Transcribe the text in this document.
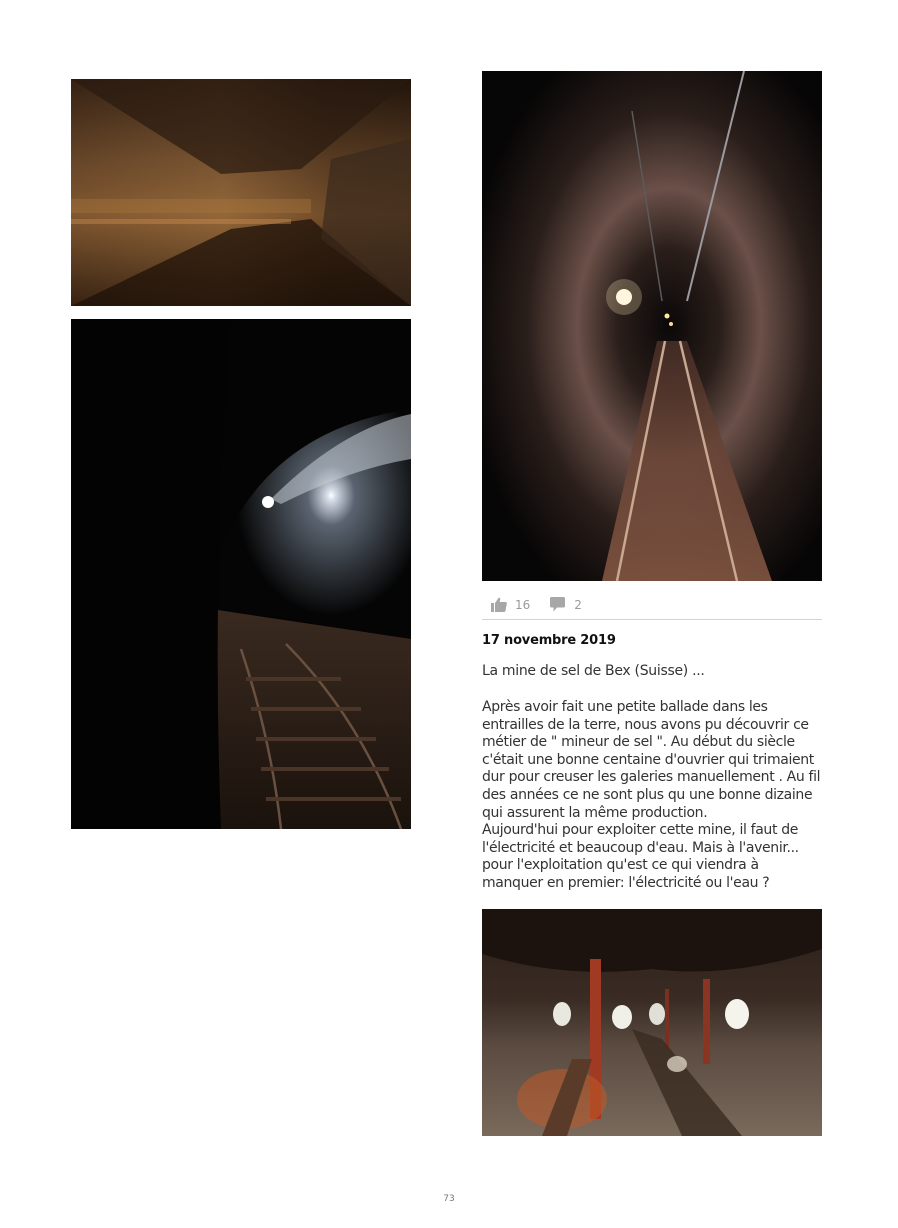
16	2
17 novembre 2019
La mine de sel de Bex (Suisse) ...
Après avoir fait une petite ballade dans les
entrailles de la terre, nous avons pu découvrir ce
métier de " mineur de sel ". Au début du siècle
c'était une bonne centaine d'ouvrier qui trimaient
dur pour creuser les galeries manuellement . Au fil
des années ce ne sont plus qu une bonne dizaine
qui assurent la même production.
Aujourd'hui pour exploiter cette mine, il faut de
l'électricité et beaucoup d'eau. Mais à l'avenir...
pour l'exploitation qu'est ce qui viendra à
manquer en premier: l'électricité ou l'eau ?
73
